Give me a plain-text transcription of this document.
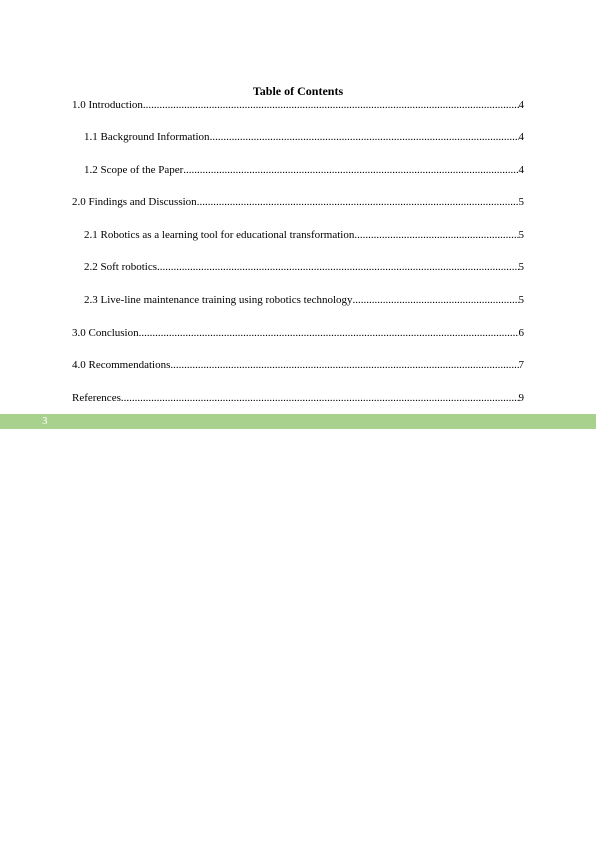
Table of Contents
1.0 Introduction .....	4
1.1 Background Information .....	4
1.2 Scope of the Paper .....	4
2.0 Findings and Discussion .....	5
2.1 Robotics as a learning tool for educational transformation .....	5
2.2 Soft robotics .....	5
2.3 Live-line maintenance training using robotics technology .....	5
3.0 Conclusion .....	6
4.0 Recommendations .....	7
References .....	9
3
